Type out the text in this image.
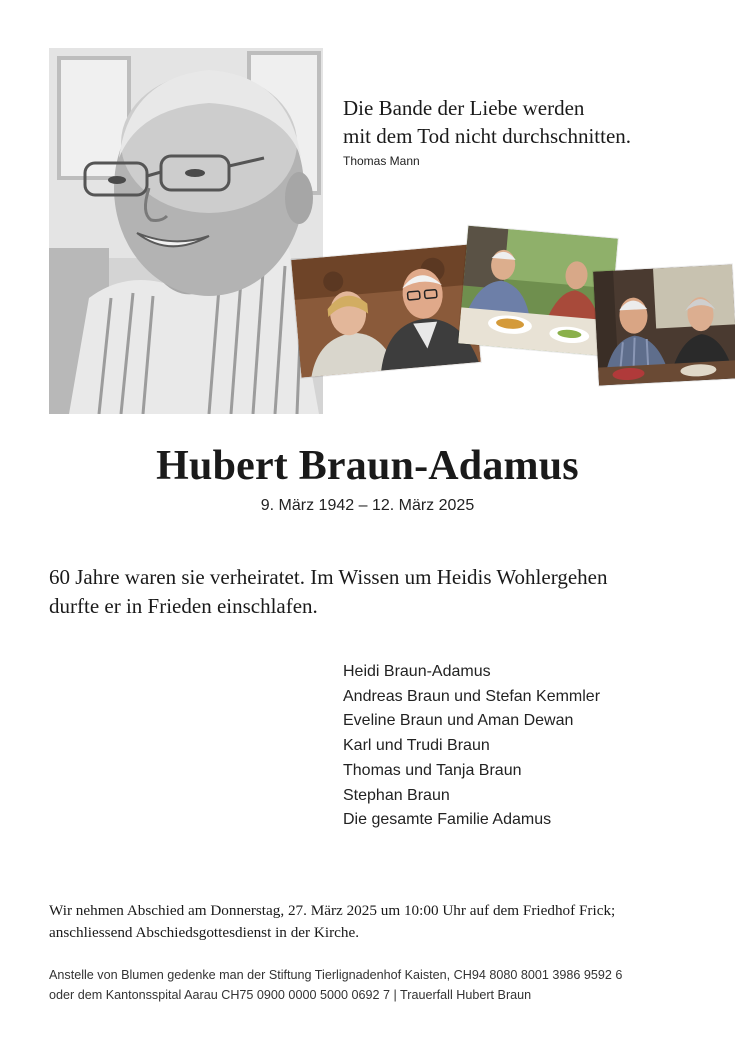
Die Bande der Liebe werden
mit dem Tod nicht durchschnitten.
Thomas Mann
Hubert Braun-Adamus
9. März 1942 – 12. März 2025
60 Jahre waren sie verheiratet. Im Wissen um Heidis Wohlergehen
durfte er in Frieden einschlafen.
Heidi Braun-Adamus
Andreas Braun und Stefan Kemmler
Eveline Braun und Aman Dewan
Karl und Trudi Braun
Thomas und Tanja Braun
Stephan Braun
Die gesamte Familie Adamus
Wir nehmen Abschied am Donnerstag, 27. März 2025 um 10:00 Uhr auf dem Friedhof Frick;
anschliessend Abschiedsgottesdienst in der Kirche.
Anstelle von Blumen gedenke man der Stiftung Tierlignadenhof Kaisten, CH94 8080 8001 3986 9592 6
oder dem Kantonsspital Aarau CH75 0900 0000 5000 0692 7 | Trauerfall Hubert Braun
